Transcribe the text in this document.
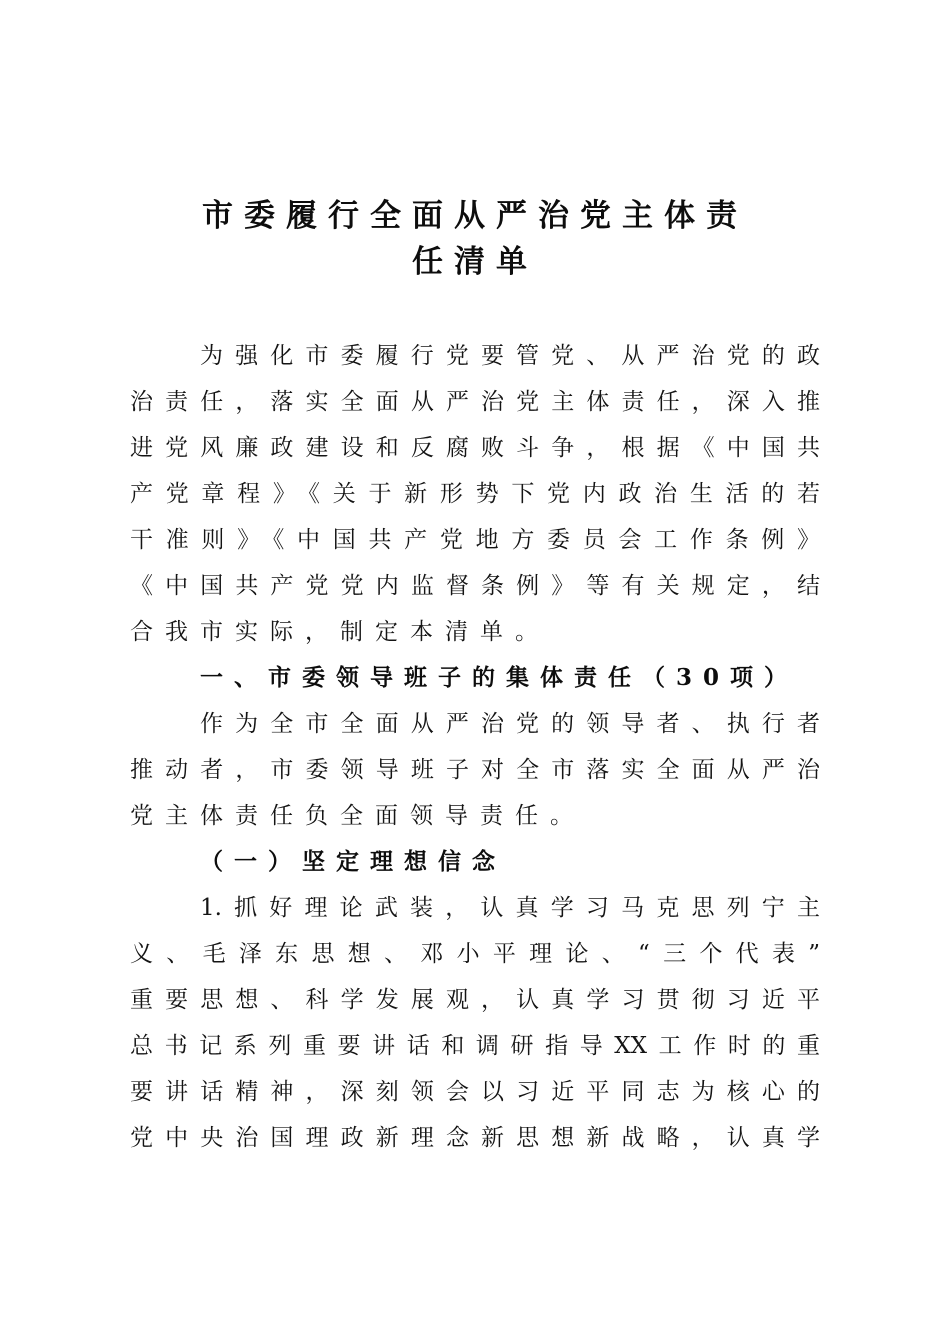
市委履行全面从严治党主体责
任清单
为强化市委履行党要管党、从严治党的政
治责任，落实全面从严治党主体责任，深入推
进党风廉政建设和反腐败斗争，根据《中国共
产党章程》《关于新形势下党内政治生活的若
干准则》《中国共产党地方委员会工作条例》
《中国共产党党内监督条例》等有关规定，结
合我市实际，制定本清单。
一、市委领导班子的集体责任（30项）
作为全市全面从严治党的领导者、执行者
推动者，市委领导班子对全市落实全面从严治
党主体责任负全面领导责任。
（一）坚定理想信念
1.抓好理论武装，认真学习马克思列宁主
义、毛泽东思想、邓小平理论、“三个代表”
重要思想、科学发展观，认真学习贯彻习近平
总书记系列重要讲话和调研指导XX工作时的重
要讲话精神，深刻领会以习近平同志为核心的
党中央治国理政新理念新思想新战略，认真学
